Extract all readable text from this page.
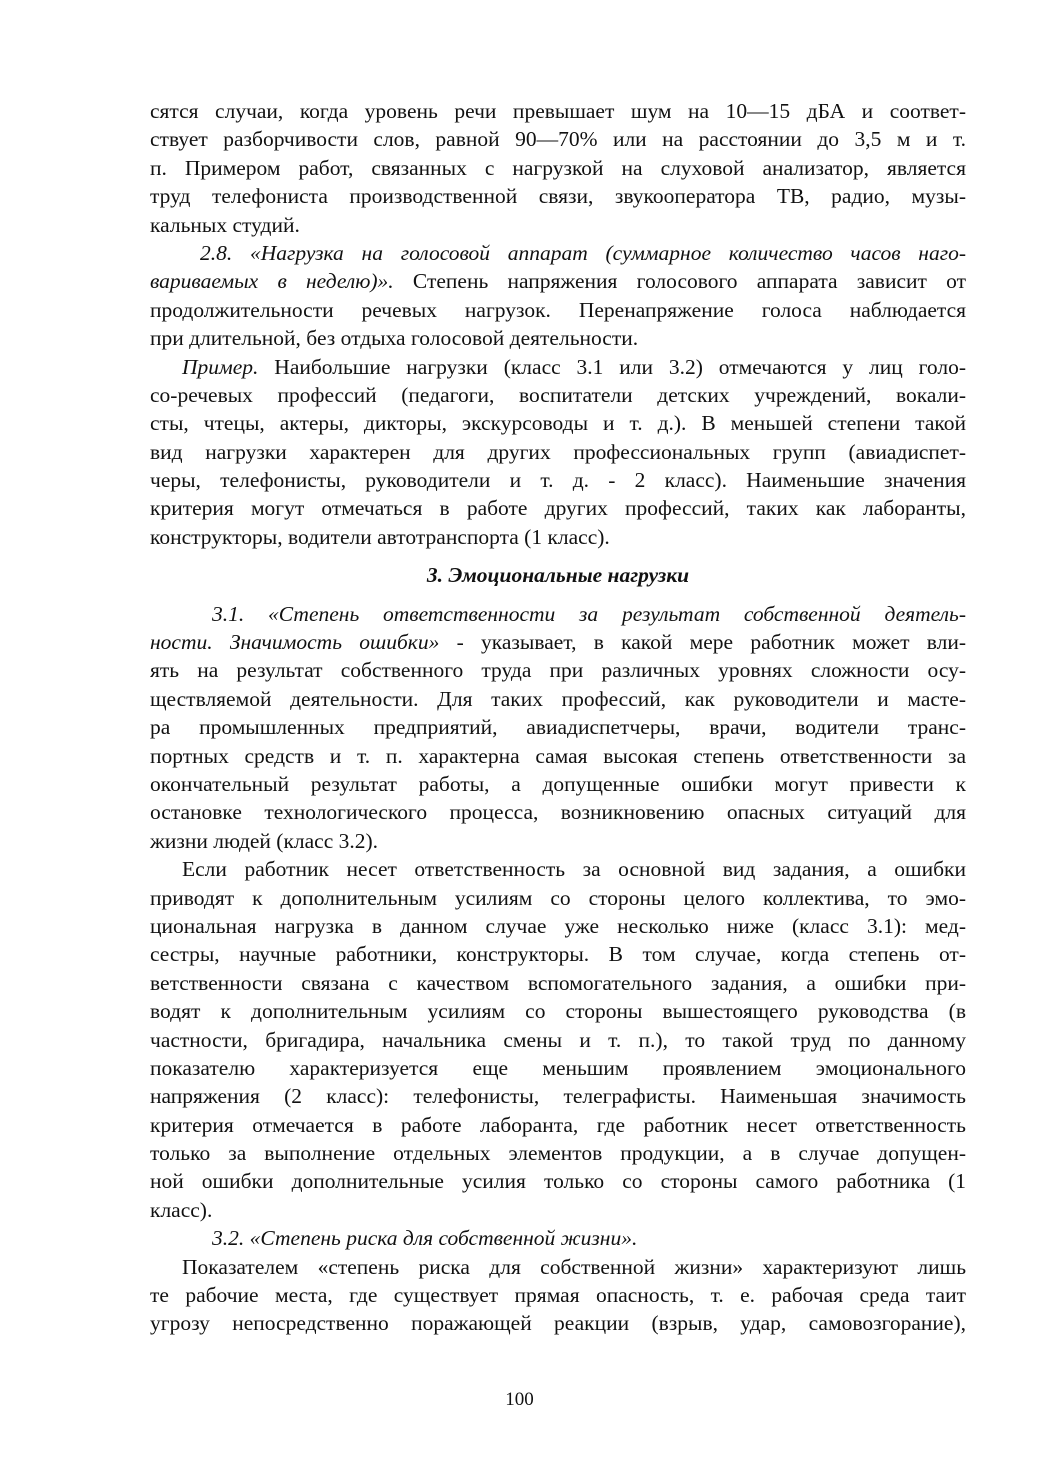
сятся случаи, когда уровень речи превышает шум на 10—15 дБА и соответ-
ствует разборчивости слов, равной 90—70% или на расстоянии до 3,5 м и т.
п. Примером работ, связанных с нагрузкой на слуховой анализатор, является
труд телефониста производственной связи, звукооператора ТВ, радио, музы-
кальных студий.
2.8. «Нагрузка на голосовой аппарат (суммарное количество часов наго-
вариваемых в неделю)». Степень напряжения голосового аппарата зависит от
продолжительности речевых нагрузок. Перенапряжение голоса наблюдается
при длительной, без отдыха голосовой деятельности.
Пример. Наибольшие нагрузки (класс 3.1 или 3.2) отмечаются у лиц голо-
со-речевых профессий (педагоги, воспитатели детских учреждений, вокали-
сты, чтецы, актеры, дикторы, экскурсоводы и т. д.). В меньшей степени такой
вид нагрузки характерен для других профессиональных групп (авиадиспет-
черы, телефонисты, руководители и т. д. - 2 класс). Наименьшие значения
критерия могут отмечаться в работе других профессий, таких как лаборанты,
конструкторы, водители автотранспорта (1 класс).
3. Эмоциональные нагрузки
3.1. «Степень ответственности за результат собственной деятель-
ности. Значимость ошибки» - указывает, в какой мере работник может вли-
ять на результат собственного труда при различных уровнях сложности осу-
ществляемой деятельности. Для таких профессий, как руководители и масте-
ра промышленных предприятий, авиадиспетчеры, врачи, водители транс-
портных средств и т. п. характерна самая высокая степень ответственности за
окончательный результат работы, а допущенные ошибки могут привести к
остановке технологического процесса, возникновению опасных ситуаций для
жизни людей (класс 3.2).
Если работник несет ответственность за основной вид задания, а ошибки
приводят к дополнительным усилиям со стороны целого коллектива, то эмо-
циональная нагрузка в данном случае уже несколько ниже (класс 3.1): мед-
сестры, научные работники, конструкторы. В том случае, когда степень от-
ветственности связана с качеством вспомогательного задания, а ошибки при-
водят к дополнительным усилиям со стороны вышестоящего руководства (в
частности, бригадира, начальника смены и т. п.), то такой труд по данному
показателю характеризуется еще меньшим проявлением эмоционального
напряжения (2 класс): телефонисты, телеграфисты. Наименьшая значимость
критерия отмечается в работе лаборанта, где работник несет ответственность
только за выполнение отдельных элементов продукции, а в случае допущен-
ной ошибки дополнительные усилия только со стороны самого работника (1
класс).
3.2. «Степень риска для собственной жизни».
Показателем «степень риска для собственной жизни» характеризуют лишь
те рабочие места, где существует прямая опасность, т. е. рабочая среда таит
угрозу непосредственно поражающей реакции (взрыв, удар, самовозгорание),
100
